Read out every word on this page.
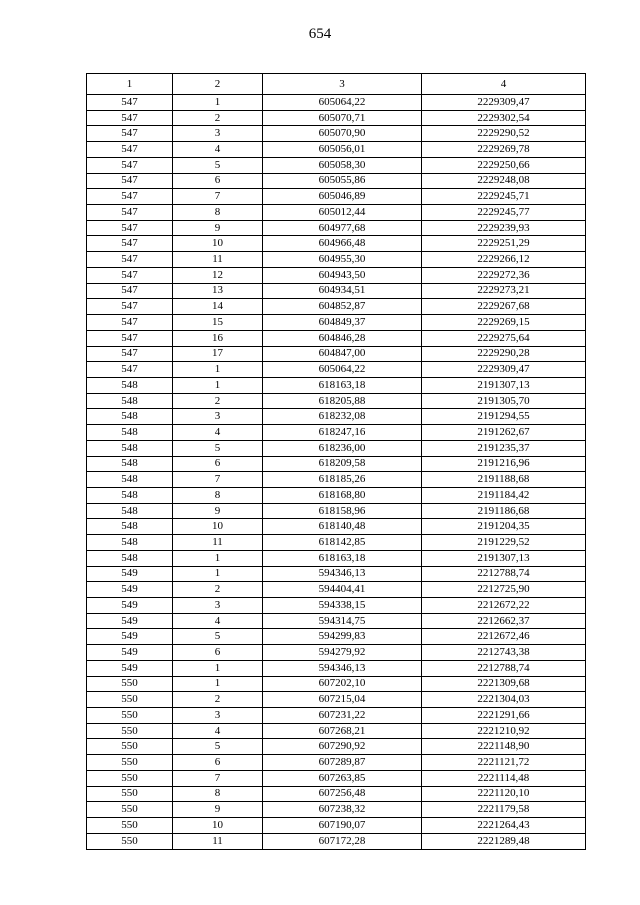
654
1	2	3	4
547	1	605064,22	2229309,47
547	2	605070,71	2229302,54
547	3	605070,90	2229290,52
547	4	605056,01	2229269,78
547	5	605058,30	2229250,66
547	6	605055,86	2229248,08
547	7	605046,89	2229245,71
547	8	605012,44	2229245,77
547	9	604977,68	2229239,93
547	10	604966,48	2229251,29
547	11	604955,30	2229266,12
547	12	604943,50	2229272,36
547	13	604934,51	2229273,21
547	14	604852,87	2229267,68
547	15	604849,37	2229269,15
547	16	604846,28	2229275,64
547	17	604847,00	2229290,28
547	1	605064,22	2229309,47
548	1	618163,18	2191307,13
548	2	618205,88	2191305,70
548	3	618232,08	2191294,55
548	4	618247,16	2191262,67
548	5	618236,00	2191235,37
548	6	618209,58	2191216,96
548	7	618185,26	2191188,68
548	8	618168,80	2191184,42
548	9	618158,96	2191186,68
548	10	618140,48	2191204,35
548	11	618142,85	2191229,52
548	1	618163,18	2191307,13
549	1	594346,13	2212788,74
549	2	594404,41	2212725,90
549	3	594338,15	2212672,22
549	4	594314,75	2212662,37
549	5	594299,83	2212672,46
549	6	594279,92	2212743,38
549	1	594346,13	2212788,74
550	1	607202,10	2221309,68
550	2	607215,04	2221304,03
550	3	607231,22	2221291,66
550	4	607268,21	2221210,92
550	5	607290,92	2221148,90
550	6	607289,87	2221121,72
550	7	607263,85	2221114,48
550	8	607256,48	2221120,10
550	9	607238,32	2221179,58
550	10	607190,07	2221264,43
550	11	607172,28	2221289,48
